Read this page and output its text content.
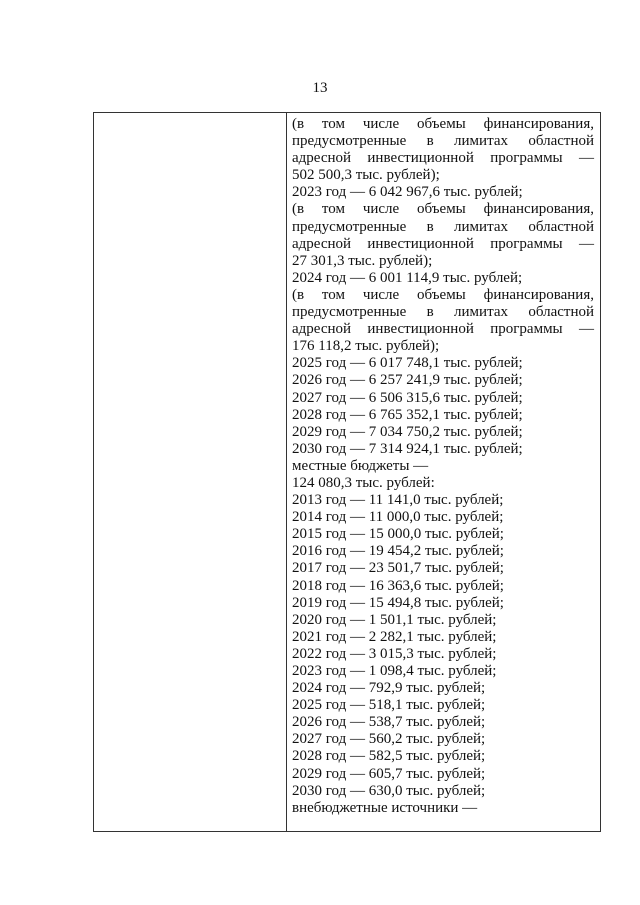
13
(в том числе объемы финансирования,
предусмотренные в лимитах областной
адресной инвестиционной программы —
502 500,3 тыс. рублей);
2023 год — 6 042 967,6 тыс. рублей;
(в том числе объемы финансирования,
предусмотренные в лимитах областной
адресной инвестиционной программы —
27 301,3 тыс. рублей);
2024 год — 6 001 114,9 тыс. рублей;
(в том числе объемы финансирования,
предусмотренные в лимитах областной
адресной инвестиционной программы —
176 118,2 тыс. рублей);
2025 год — 6 017 748,1 тыс. рублей;
2026 год — 6 257 241,9 тыс. рублей;
2027 год — 6 506 315,6 тыс. рублей;
2028 год — 6 765 352,1 тыс. рублей;
2029 год — 7 034 750,2 тыс. рублей;
2030 год — 7 314 924,1 тыс. рублей;
местные бюджеты —
124 080,3 тыс. рублей:
2013 год — 11 141,0 тыс. рублей;
2014 год — 11 000,0 тыс. рублей;
2015 год — 15 000,0 тыс. рублей;
2016 год — 19 454,2 тыс. рублей;
2017 год — 23 501,7 тыс. рублей;
2018 год — 16 363,6 тыс. рублей;
2019 год — 15 494,8 тыс. рублей;
2020 год — 1 501,1 тыс. рублей;
2021 год — 2 282,1 тыс. рублей;
2022 год — 3 015,3 тыс. рублей;
2023 год — 1 098,4 тыс. рублей;
2024 год — 792,9 тыс. рублей;
2025 год — 518,1 тыс. рублей;
2026 год — 538,7 тыс. рублей;
2027 год — 560,2 тыс. рублей;
2028 год — 582,5 тыс. рублей;
2029 год — 605,7 тыс. рублей;
2030 год — 630,0 тыс. рублей;
внебюджетные источники —
